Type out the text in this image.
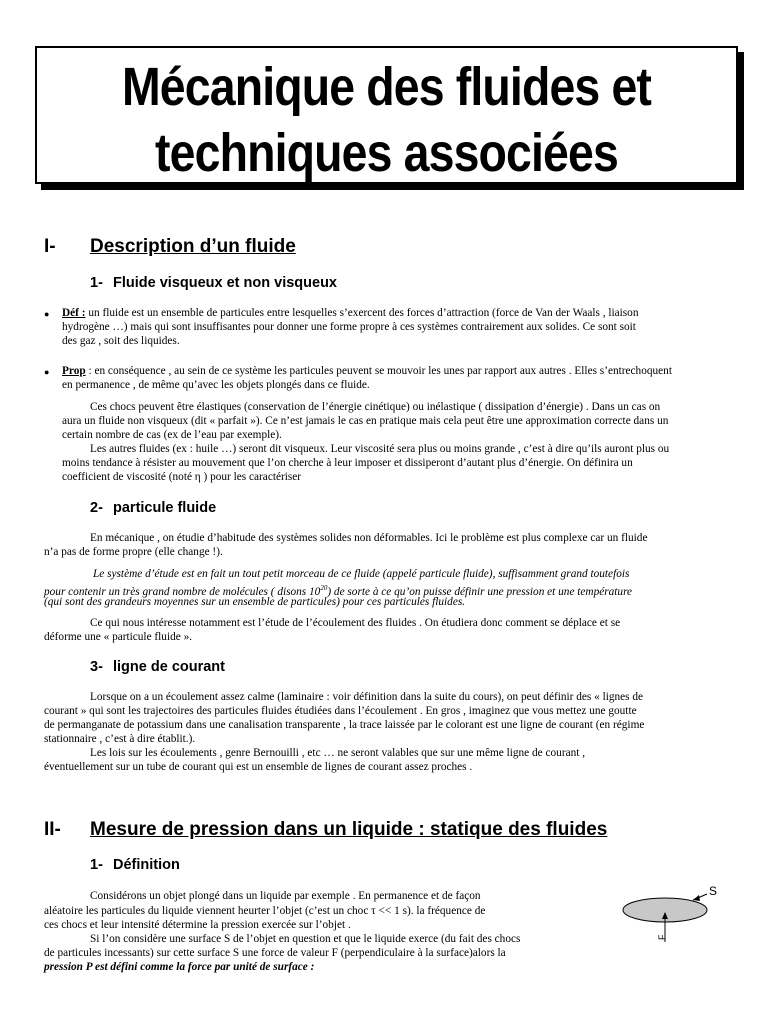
Mécanique des fluides et
techniques associées
I- Description d’un fluide
1- Fluide visqueux et non visqueux
● Déf : un fluide est un ensemble de particules entre lesquelles s’exercent des forces d’attraction (force de Van der Waals , liaison
hydrogène …) mais qui sont insuffisantes pour donner une forme propre à ces systèmes contrairement aux solides. Ce sont soit
des gaz , soit des liquides.
● Prop : en conséquence , au sein de ce système les particules peuvent se mouvoir les unes par rapport aux autres . Elles s’entrechoquent
en permanence , de même qu’avec les objets plongés dans ce fluide.
Ces chocs peuvent être élastiques (conservation de l’énergie cinétique) ou inélastique ( dissipation d’énergie) . Dans un cas on
aura un fluide non visqueux (dit « parfait »). Ce n’est jamais le cas en pratique mais cela peut être une approximation correcte dans un
certain nombre de cas (ex de l’eau par exemple).
Les autres fluides (ex : huile …) seront dit visqueux. Leur viscosité sera plus ou moins grande , c’est à dire qu’ils auront plus ou
moins tendance à résister au mouvement que l’on cherche à leur imposer et dissiperont d’autant plus d’énergie. On définira un
coefficient de viscosité (noté η ) pour les caractériser
2- particule fluide
En mécanique , on étudie d’habitude des systèmes solides non déformables. Ici le problème est plus complexe car un fluide
n’a pas de forme propre (elle change !).
Le système d’étude est en fait un tout petit morceau de ce fluide (appelé particule fluide), suffisamment grand toutefois
pour contenir un très grand nombre de molécules ( disons $10^{20}$) de sorte à ce qu’on puisse définir une pression et une température
(qui sont des grandeurs moyennes sur un ensemble de particules) pour ces particules fluides.
Ce qui nous intéresse notamment est l’étude de l’écoulement des fluides . On étudiera donc comment se déplace et se
déforme une « particule fluide ».
3- ligne de courant
Lorsque on a un écoulement assez calme (laminaire : voir définition dans la suite du cours), on peut définir des « lignes de
courant » qui sont les trajectoires des particules fluides étudiées dans l’écoulement . En gros , imaginez que vous mettez une goutte
de permanganate de potassium dans une canalisation transparente , la trace laissée par le colorant est une ligne de courant (en régime
stationnaire , c’est à dire établit.).
Les lois sur les écoulements , genre Bernouilli , etc … ne seront valables que sur une même ligne de courant ,
éventuellement sur un tube de courant qui est un ensemble de lignes de courant assez proches .
II- Mesure de pression dans un liquide : statique des fluides
1- Définition
Considérons un objet plongé dans un liquide par exemple . En permanence et de façon
aléatoire les particules du liquide viennent heurter l’objet (c’est un choc τ << 1 s). la fréquence de
ces chocs et leur intensité détermine la pression exercée sur l’objet .
Si l’on considère une surface S de l’objet en question et que le liquide exerce (du fait des chocs
de particules incessants) sur cette surface S une force de valeur F (perpendiculaire à la surface)alors la
pression P est défini comme la force par unité de surface :
S
F
